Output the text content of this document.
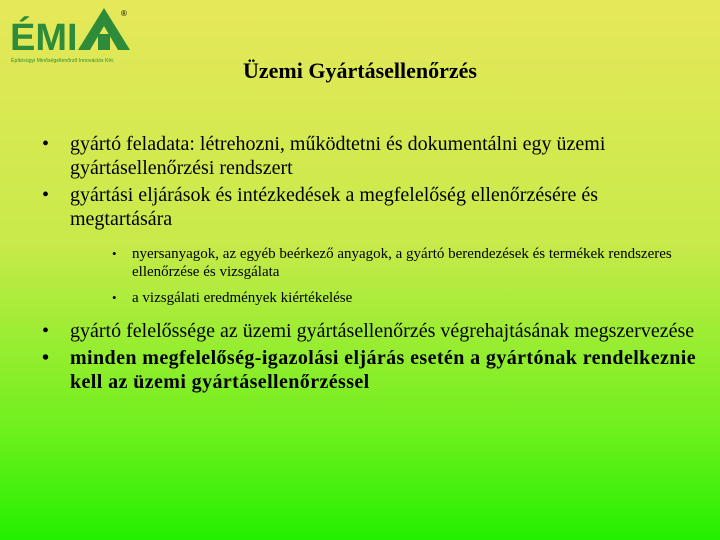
ÉMI
®
Építésügyi Minőségellenőrző Innovációs Kht.	Üzemi Gyártásellenőrzés
• gyártó feladata: létrehozni, működtetni és dokumentálni egy üzemi gyártásellenőrzési rendszert
• gyártási eljárások és intézkedések a megfelelőség ellenőrzésére és megtartására
• nyersanyagok, az egyéb beérkező anyagok, a gyártó berendezések és termékek rendszeres ellenőrzése és vizsgálata
• a vizsgálati eredmények kiértékelése
• gyártó felelőssége az üzemi gyártásellenőrzés végrehajtásának megszervezése
• minden megfelelőség-igazolási eljárás esetén a gyártónak rendelkeznie kell az üzemi gyártásellenőrzéssel
